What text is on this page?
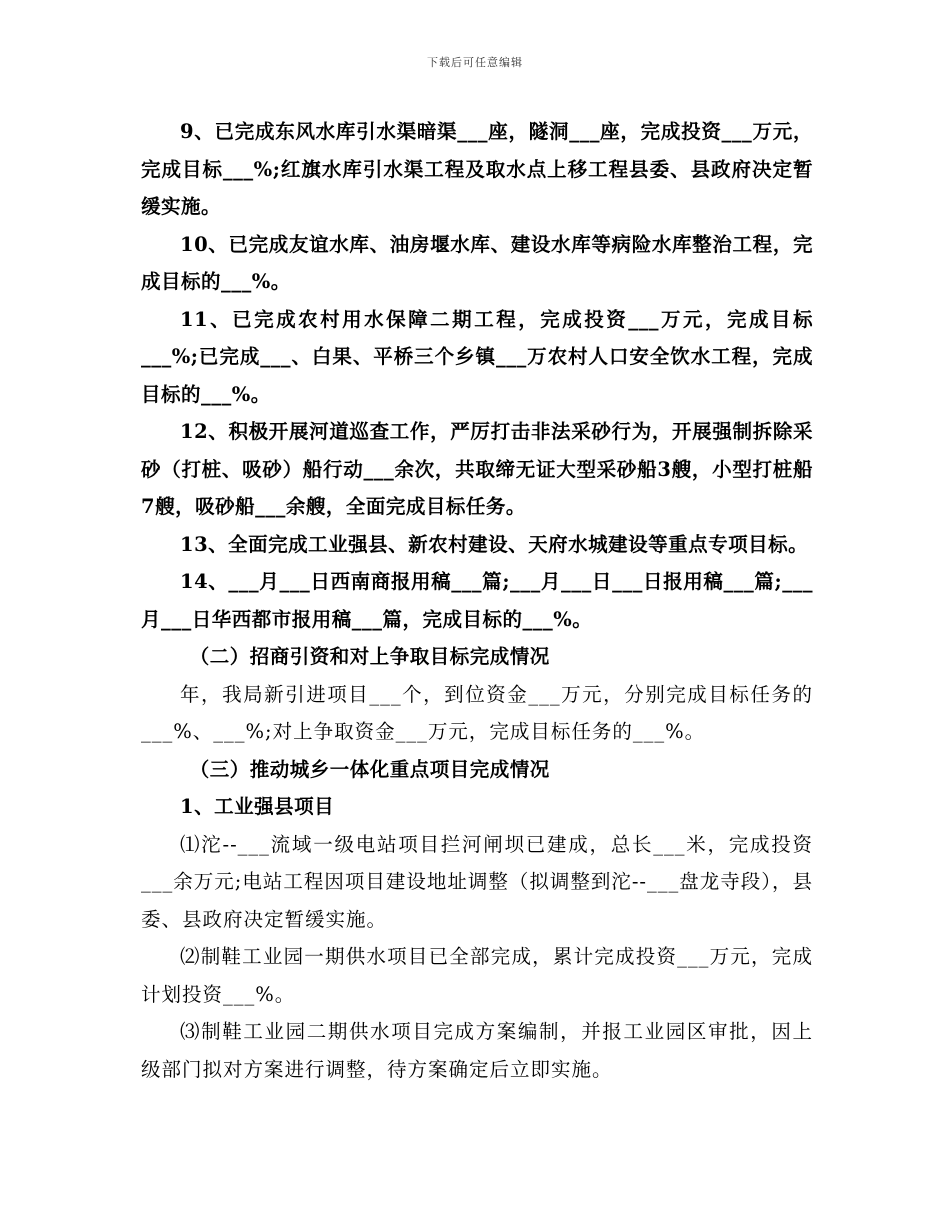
下载后可任意编辑

9、已完成东风水库引水渠暗渠___座，隧洞___座，完成投资___万元，完成目标___%;红旗水库引水渠工程及取水点上移工程县委、县政府决定暂缓实施。

10、已完成友谊水库、油房堰水库、建设水库等病险水库整治工程，完成目标的___%。

11、已完成农村用水保障二期工程，完成投资___万元，完成目标___%;已完成___、白果、平桥三个乡镇___万农村人口安全饮水工程，完成目标的___%。

12、积极开展河道巡查工作，严厉打击非法采砂行为，开展强制拆除采砂（打桩、吸砂）船行动___余次，共取缔无证大型采砂船3艘，小型打桩船7艘，吸砂船___余艘，全面完成目标任务。

13、全面完成工业强县、新农村建设、天府水城建设等重点专项目标。

14、___月___日西南商报用稿___篇;___月___日___日报用稿___篇;___月___日华西都市报用稿___篇，完成目标的___%。

（二）招商引资和对上争取目标完成情况

年，我局新引进项目___个，到位资金___万元，分别完成目标任务的___%、___%;对上争取资金___万元，完成目标任务的___%。

（三）推动城乡一体化重点项目完成情况

1、工业强县项目

⑴沱--___流域一级电站项目拦河闸坝已建成，总长___米，完成投资___余万元;电站工程因项目建设地址调整（拟调整到沱--___盘龙寺段），县委、县政府决定暂缓实施。

⑵制鞋工业园一期供水项目已全部完成，累计完成投资___万元，完成计划投资___%。

⑶制鞋工业园二期供水项目完成方案编制，并报工业园区审批，因上级部门拟对方案进行调整，待方案确定后立即实施。
